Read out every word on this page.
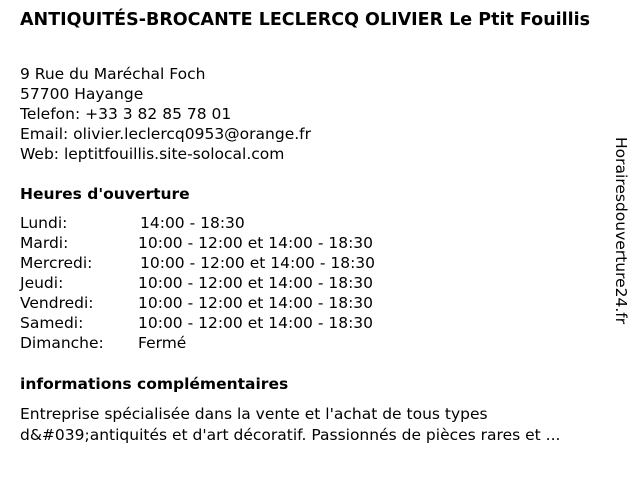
ANTIQUITÉS-BROCANTE LECLERCQ OLIVIER Le Ptit Fouillis
9 Rue du Maréchal Foch
57700 Hayange
Telefon: +33 3 82 85 78 01
Email: olivier.leclercq0953@orange.fr
Web: leptitfouillis.site-solocal.com
Heures d'ouverture
Lundi:	14:00 - 18:30
Mardi:	10:00 - 12:00 et 14:00 - 18:30
Mercredi:	10:00 - 12:00 et 14:00 - 18:30
Jeudi:	10:00 - 12:00 et 14:00 - 18:30
Vendredi:	10:00 - 12:00 et 14:00 - 18:30
Samedi:	10:00 - 12:00 et 14:00 - 18:30
Dimanche: Fermé
informations complémentaires
Entreprise spécialisée dans la vente et l'achat de tous types d&#039;antiquités et d'art décoratif. Passionnés de pièces rares et ...
Horairesdouverture24.fr
